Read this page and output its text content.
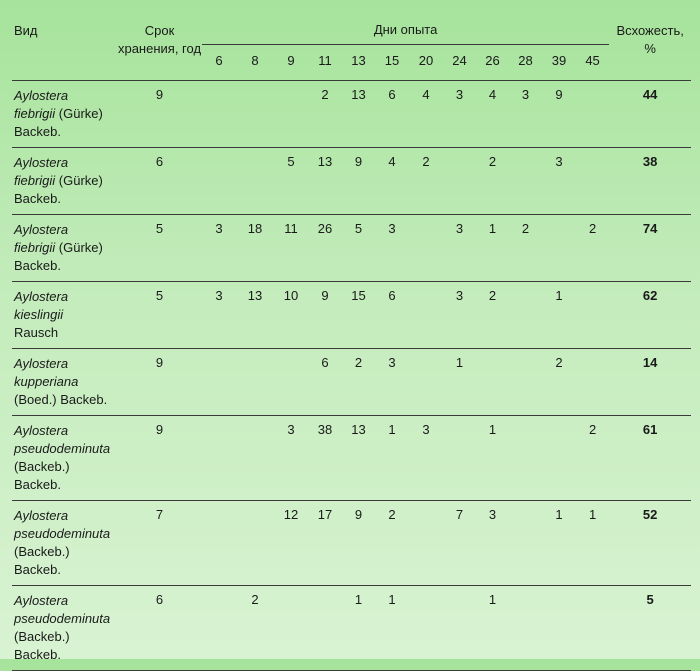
Вид	Срок хранения, год	Дни опыта												Всхожесть, %
		6	8	9	11	13	15	20	24	26	28	39	45	
Aylostera
fiebrigii (Gürke)
Backeb.	9				2	13	6	4	3	4	3	9		44
Aylostera
fiebrigii (Gürke)
Backeb.	6			5	13	9	4	2		2		3		38
Aylostera
fiebrigii (Gürke)
Backeb.	5	3	18	11	26	5	3		3	1	2		2	74
Aylostera
kieslingii
Rausch	5	3	13	10	9	15	6		3	2		1		62
Aylostera
kupperiana
(Boed.) Backeb.	9				6	2	3		1			2		14
Aylostera
pseudodeminuta
(Backeb.) Backeb.	9			3	38	13	1	3		1			2	61
Aylostera
pseudodeminuta
(Backeb.) Backeb.	7			12	17	9	2		7	3		1	1	52
Aylostera
pseudodeminuta
(Backeb.) Backeb.	6		2			1	1			1				5
